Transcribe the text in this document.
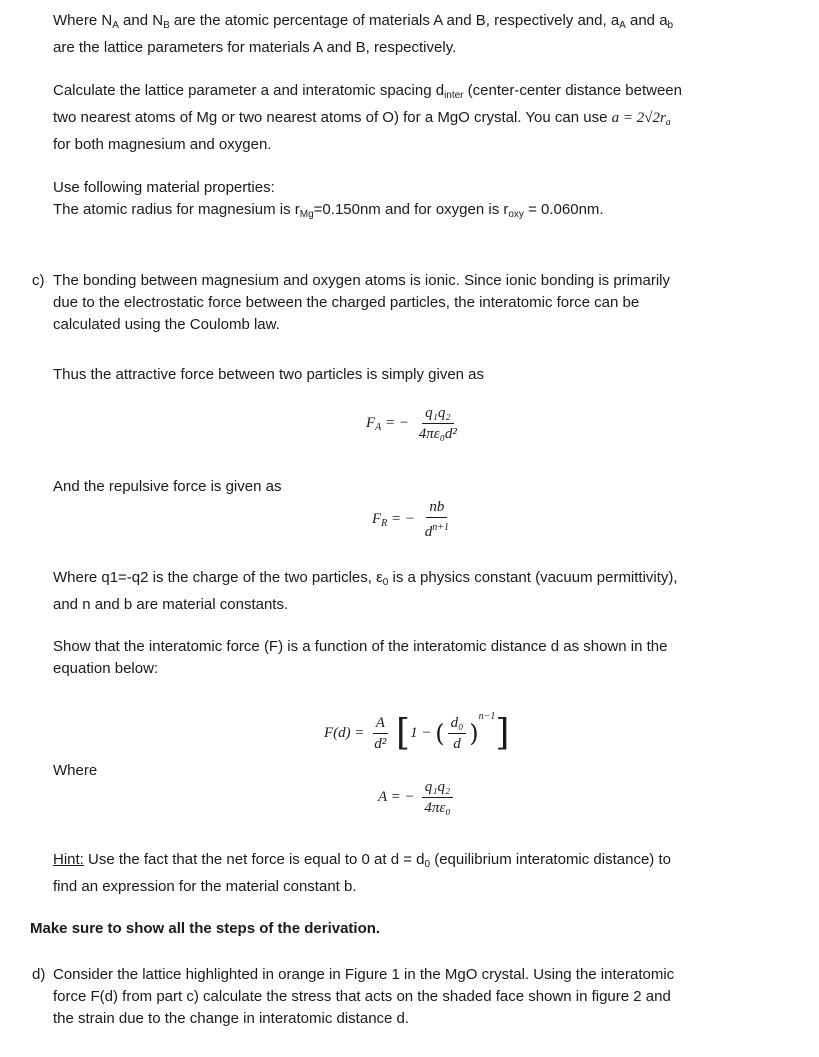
Where $N_A$ and $N_B$ are the atomic percentage of materials A and B, respectively and, $a_A$ and $a_b$

are the lattice parameters for materials A and B, respectively.

Calculate the lattice parameter a and interatomic spacing $d_{inter}$ (center-center distance between

two nearest atoms of Mg or two nearest atoms of O) for a MgO crystal. You can use $a = 2√2r_a$

for both magnesium and oxygen.

Use following material properties:

The atomic radius for magnesium is $r_{Mg}=0.150nm$ and for oxygen is $r_{oxy} = 0.060nm$.

c) The bonding between magnesium and oxygen atoms is ionic. Since ionic bonding is primarily

due to the electrostatic force between the charged particles, the interatomic force can be

calculated using the Coulomb law.

Thus the attractive force between two particles is simply given as
$F_A$ = − $\frac{\text{q₁q₂}}{\text{4πε₀d²}}$
And the repulsive force is given as
$F_R$ = − $\frac{nb}{d^{n+1}}$

Where q1=-q2 is the charge of the two particles, $\varepsilon_0$ is a physics constant (vacuum permittivity),

and n and b are material constants.

Show that the interatomic force (F) is a function of the interatomic distance d as shown in the

equation below:

$F(d) = \frac{A}{\text{d²}} [1$ − ( $\frac{\text{d₀}}{d} )^{n-1}$]
Where
A = − $\frac{\text{q₁q₂}}{\text{4πε₀}}$

Hint: Use the fact that the net force is equal to 0 at $d = d_0$ (equilibrium interatomic distance) to

find an expression for the material constant b.

Make sure to show all the steps of the derivation.
d) Consider the lattice highlighted in orange in Figure 1 in the MgO crystal. Using the interatomic

force F(d) from part c) calculate the stress that acts on the shaded face shown in figure 2 and

the strain due to the change in interatomic distance d.
